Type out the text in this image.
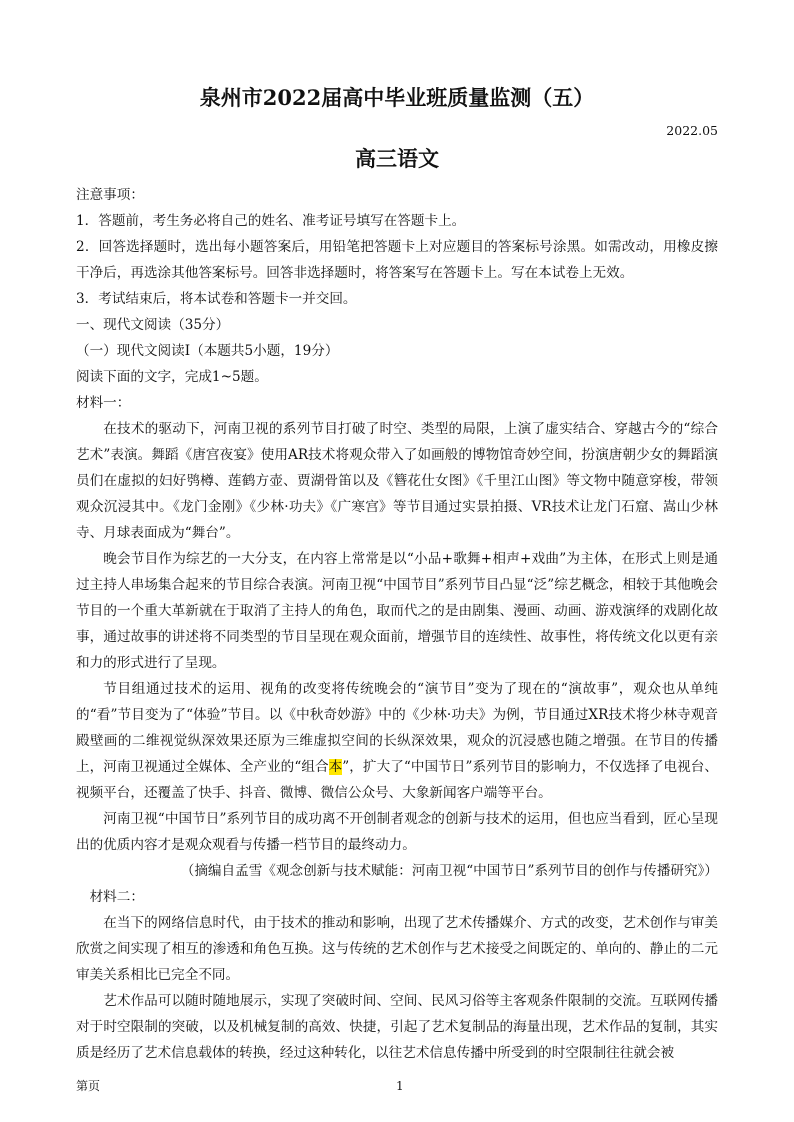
泉州市2022届高中毕业班质量监测（五）
2022.05
高三语文

注意事项：

1．答题前，考生务必将自己的姓名、准考证号填写在答题卡上。

2．回答选择题时，选出每小题答案后，用铅笔把答题卡上对应题目的答案标号涂黑。如需改动，用橡皮擦干净后，再选涂其他答案标号。回答非选择题时，将答案写在答题卡上。写在本试卷上无效。

3．考试结束后，将本试卷和答题卡一并交回。

一、现代文阅读（35分）

（一）现代文阅读Ⅰ（本题共5小题，19分）

阅读下面的文字，完成1~5题。

材料一：

在技术的驱动下，河南卫视的系列节目打破了时空、类型的局限，上演了虚实结合、穿越古今的“综合艺术”表演。舞蹈《唐宫夜宴》使用AR技术将观众带入了如画般的博物馆奇妙空间，扮演唐朝少女的舞蹈演员们在虚拟的妇好鸮樽、莲鹤方壶、贾湖骨笛以及《簪花仕女图》《千里江山图》等文物中随意穿梭，带领观众沉浸其中。《龙门金刚》《少林·功夫》《广寒宫》等节目通过实景拍摄、VR技术让龙门石窟、嵩山少林寺、月球表面成为“舞台”。

晚会节目作为综艺的一大分支，在内容上常常是以“小品+歌舞+相声+戏曲”为主体，在形式上则是通过主持人串场集合起来的节目综合表演。河南卫视“中国节目”系列节目凸显“泛”综艺概念，相较于其他晚会节目的一个重大革新就在于取消了主持人的角色，取而代之的是由剧集、漫画、动画、游戏演绎的戏剧化故事，通过故事的讲述将不同类型的节目呈现在观众面前，增强节目的连续性、故事性，将传统文化以更有亲和力的形式进行了呈现。

节目组通过技术的运用、视角的改变将传统晚会的“演节目”变为了现在的“演故事”，观众也从单纯的“看”节目变为了“体验”节目。以《中秋奇妙游》中的《少林·功夫》为例，节目通过XR技术将少林寺观音殿壁画的二维视觉纵深效果还原为三维虚拟空间的长纵深效果，观众的沉浸感也随之增强。在节目的传播上，河南卫视通过全媒体、全产业的“组合本”，扩大了“中国节日”系列节目的影响力，不仅选择了电视台、视频平台，还覆盖了快手、抖音、微博、微信公众号、大象新闻客户端等平台。

河南卫视“中国节日”系列节目的成功离不开创制者观念的创新与技术的运用，但也应当看到，匠心呈现出的优质内容才是观众观看与传播一档节目的最终动力。

（摘编自孟雪《观念创新与技术赋能：河南卫视“中国节日”系列节目的创作与传播研究》）

材料二：

在当下的网络信息时代，由于技术的推动和影响，出现了艺术传播媒介、方式的改变，艺术创作与审美欣赏之间实现了相互的渗透和角色互换。这与传统的艺术创作与艺术接受之间既定的、单向的、静止的二元审美关系相比已完全不同。

艺术作品可以随时随地展示，实现了突破时间、空间、民风习俗等主客观条件限制的交流。互联网传播对于时空限制的突破，以及机械复制的高效、快捷，引起了艺术复制品的海量出现，艺术作品的复制，其实质是经历了艺术信息载体的转换，经过这种转化，以往艺术信息传播中所受到的时空限制往往就会被

第页	1
